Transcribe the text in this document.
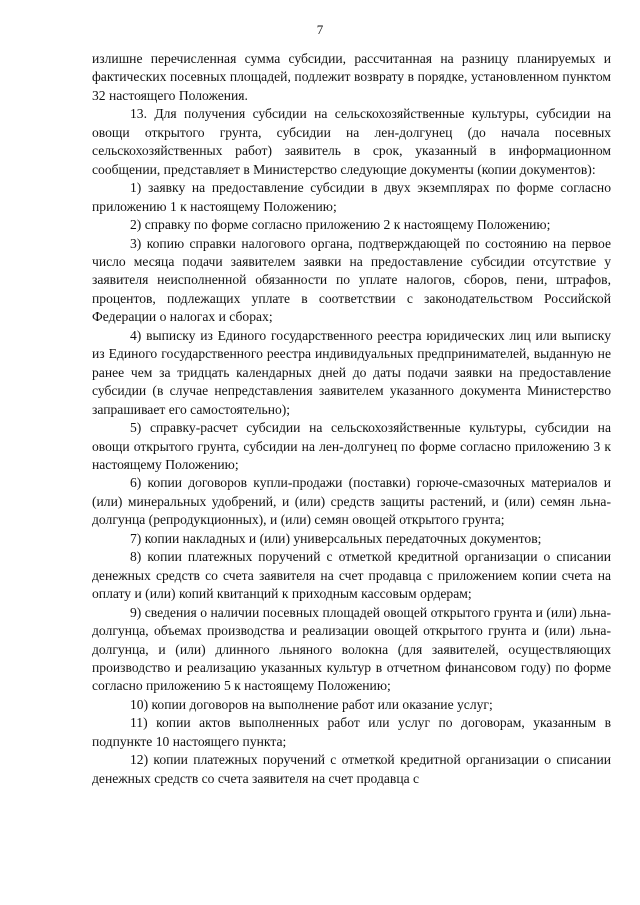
7

излишне перечисленная сумма субсидии, рассчитанная на разницу планируемых и фактических посевных площадей, подлежит возврату в порядке, установленном пунктом 32 настоящего Положения.

13. Для получения субсидии на сельскохозяйственные культуры, субсидии на овощи открытого грунта, субсидии на лен-долгунец (до начала посевных сельскохозяйственных работ) заявитель в срок, указанный в информационном сообщении, представляет в Министерство следующие документы (копии документов):

1) заявку на предоставление субсидии в двух экземплярах по форме согласно приложению 1 к настоящему Положению;

2) справку по форме согласно приложению 2 к настоящему Положению;

3) копию справки налогового органа, подтверждающей по состоянию на первое число месяца подачи заявителем заявки на предоставление субсидии отсутствие у заявителя неисполненной обязанности по уплате налогов, сборов, пени, штрафов, процентов, подлежащих уплате в соответствии с законодательством Российской Федерации о налогах и сборах;

4) выписку из Единого государственного реестра юридических лиц или выписку из Единого государственного реестра индивидуальных предпринимателей, выданную не ранее чем за тридцать календарных дней до даты подачи заявки на предоставление субсидии (в случае непредставления заявителем указанного документа Министерство запрашивает его самостоятельно);

5) справку-расчет субсидии на сельскохозяйственные культуры, субсидии на овощи открытого грунта, субсидии на лен-долгунец по форме согласно приложению 3 к настоящему Положению;

6) копии договоров купли-продажи (поставки) горюче-смазочных материалов и (или) минеральных удобрений, и (или) средств защиты растений, и (или) семян льна-долгунца (репродукционных), и (или) семян овощей открытого грунта;

7) копии накладных и (или) универсальных передаточных документов;

8) копии платежных поручений с отметкой кредитной организации о списании денежных средств со счета заявителя на счет продавца с приложением копии счета на оплату и (или) копий квитанций к приходным кассовым ордерам;

9) сведения о наличии посевных площадей овощей открытого грунта и (или) льна-долгунца, объемах производства и реализации овощей открытого грунта и (или) льна-долгунца, и (или) длинного льняного волокна (для заявителей, осуществляющих производство и реализацию указанных культур в отчетном финансовом году) по форме согласно приложению 5 к настоящему Положению;

10) копии договоров на выполнение работ или оказание услуг;

11) копии актов выполненных работ или услуг по договорам, указанным в подпункте 10 настоящего пункта;

12) копии платежных поручений с отметкой кредитной организации о списании денежных средств со счета заявителя на счет продавца с
